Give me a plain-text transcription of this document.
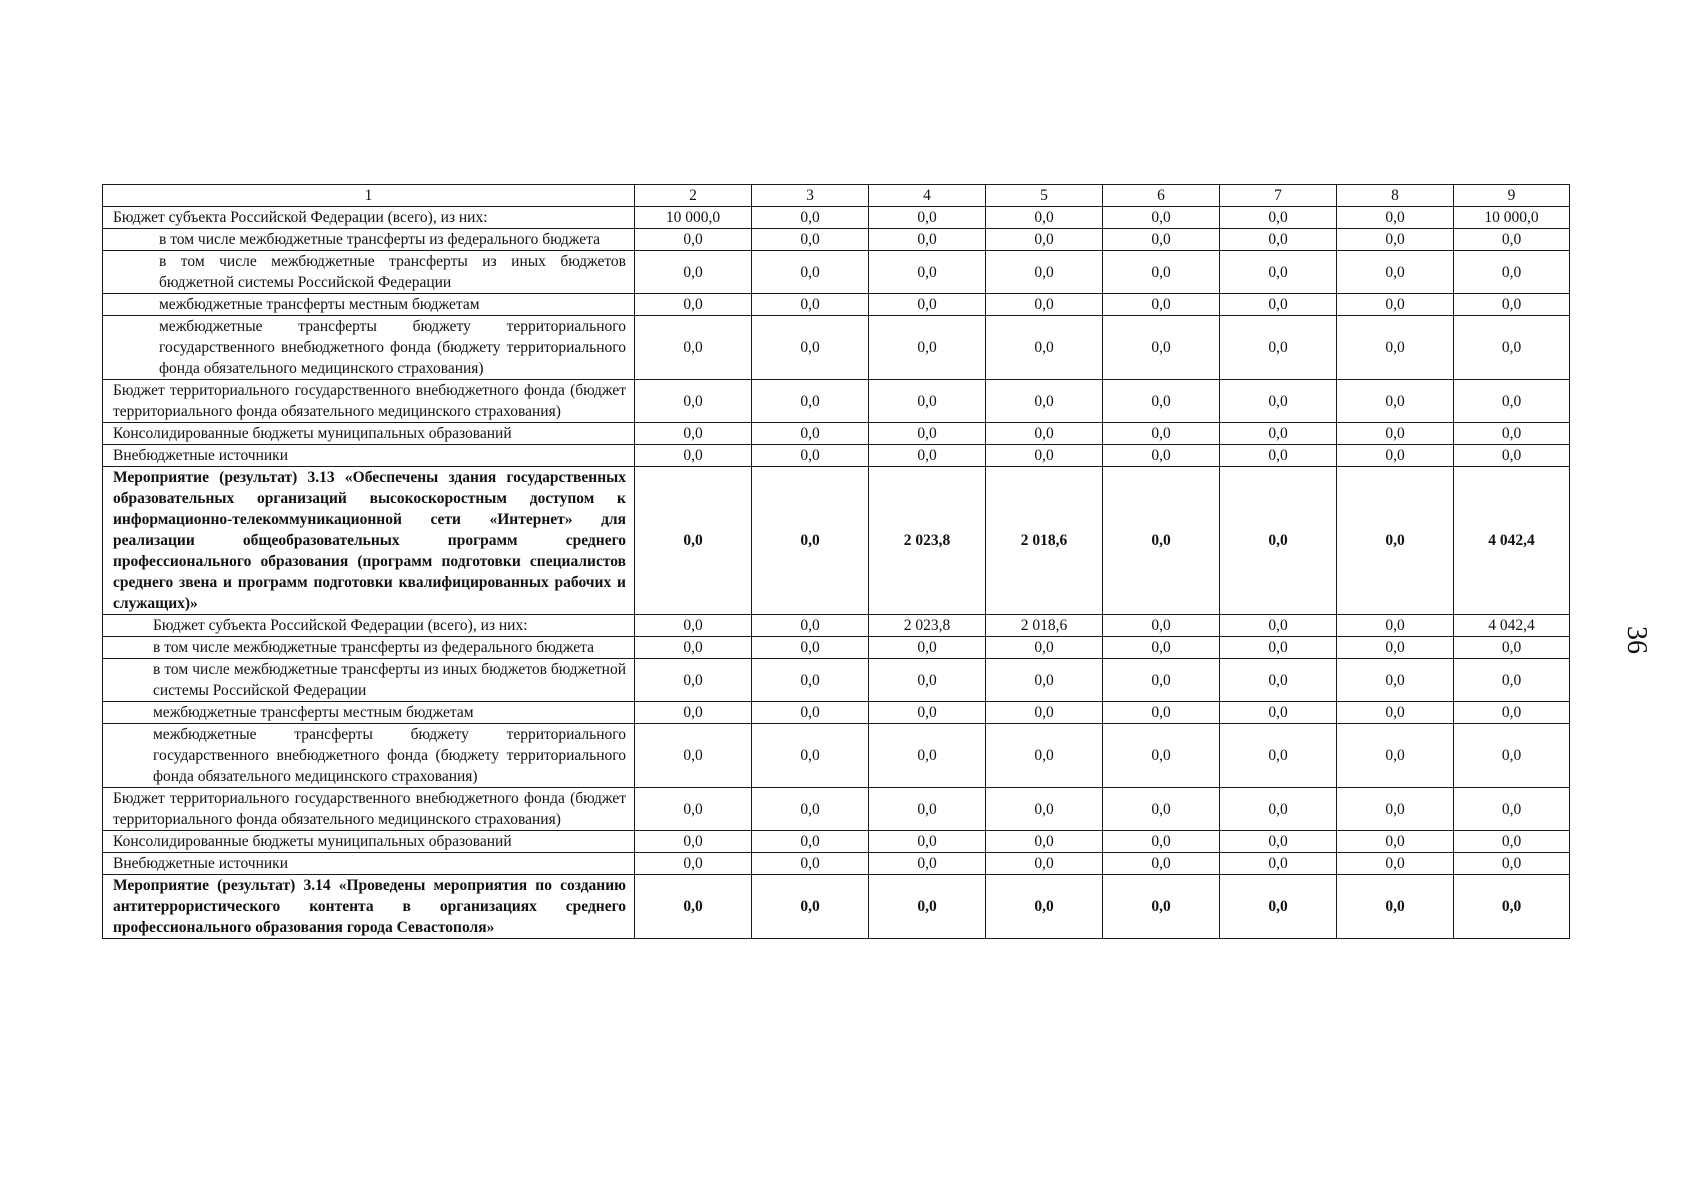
1	2	3	4	5	6	7	8	9
Бюджет субъекта Российской Федерации (всего), из них:	10 000,0	0,0	0,0	0,0	0,0	0,0	0,0	10 000,0
в том числе межбюджетные трансферты из федерального бюджета	0,0	0,0	0,0	0,0	0,0	0,0	0,0	0,0
в том числе межбюджетные трансферты из иных бюджетов бюджетной системы Российской Федерации	0,0	0,0	0,0	0,0	0,0	0,0	0,0	0,0
межбюджетные трансферты местным бюджетам	0,0	0,0	0,0	0,0	0,0	0,0	0,0	0,0
межбюджетные трансферты бюджету территориального государственного внебюджетного фонда (бюджету территориального фонда обязательного медицинского страхования)	0,0	0,0	0,0	0,0	0,0	0,0	0,0	0,0
Бюджет территориального государственного внебюджетного фонда (бюджет территориального фонда обязательного медицинского страхования)	0,0	0,0	0,0	0,0	0,0	0,0	0,0	0,0
Консолидированные бюджеты муниципальных образований	0,0	0,0	0,0	0,0	0,0	0,0	0,0	0,0
Внебюджетные источники	0,0	0,0	0,0	0,0	0,0	0,0	0,0	0,0
Мероприятие (результат) 3.13 «Обеспечены здания государственных образовательных организаций высокоскоростным доступом к информационно-телекоммуникационной сети «Интернет» для реализации общеобразовательных программ среднего профессионального образования (программ подготовки специалистов среднего звена и программ подготовки квалифицированных рабочих и служащих)»	0,0	0,0	2 023,8	2 018,6	0,0	0,0	0,0	4 042,4
Бюджет субъекта Российской Федерации (всего), из них:	0,0	0,0	2 023,8	2 018,6	0,0	0,0	0,0	4 042,4
в том числе межбюджетные трансферты из федерального бюджета	0,0	0,0	0,0	0,0	0,0	0,0	0,0	0,0
в том числе межбюджетные трансферты из иных бюджетов бюджетной системы Российской Федерации	0,0	0,0	0,0	0,0	0,0	0,0	0,0	0,0
межбюджетные трансферты местным бюджетам	0,0	0,0	0,0	0,0	0,0	0,0	0,0	0,0
межбюджетные трансферты бюджету территориального государственного внебюджетного фонда (бюджету территориального фонда обязательного медицинского страхования)	0,0	0,0	0,0	0,0	0,0	0,0	0,0	0,0
Бюджет территориального государственного внебюджетного фонда (бюджет территориального фонда обязательного медицинского страхования)	0,0	0,0	0,0	0,0	0,0	0,0	0,0	0,0
Консолидированные бюджеты муниципальных образований	0,0	0,0	0,0	0,0	0,0	0,0	0,0	0,0
Внебюджетные источники	0,0	0,0	0,0	0,0	0,0	0,0	0,0	0,0
Мероприятие (результат) 3.14 «Проведены мероприятия по созданию антитеррористического контента в организациях среднего профессионального образования города Севастополя»	0,0	0,0	0,0	0,0	0,0	0,0	0,0	0,0
36
